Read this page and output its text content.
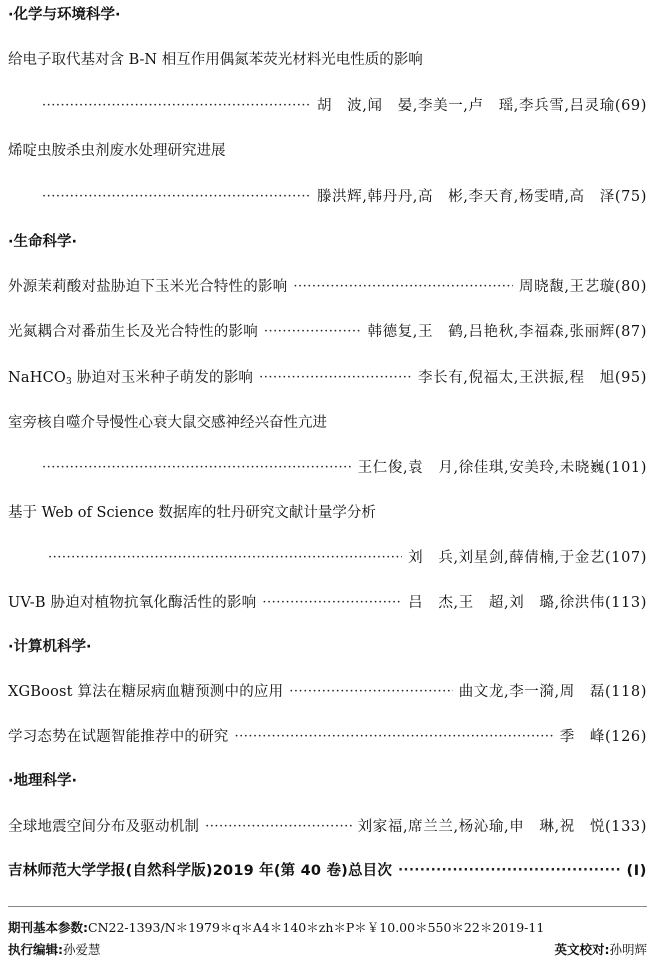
·化学与环境科学·
给电子取代基对含 B-N 相互作用偶氮苯荧光材料光电性质的影响
·····
胡　波,闻　晏,李美一,卢　瑶,李兵雪,吕灵瑜(69)
烯啶虫胺杀虫剂废水处理研究进展
·····
滕洪辉,韩丹丹,高　彬,李天育,杨雯晴,高　泽(75)
·生命科学·
外源茉莉酸对盐胁迫下玉米光合特性的影响 ·····	周晓馥,王艺璇(80)
光氮耦合对番茄生长及光合特性的影响 ·····	韩德复,王　鹤,吕艳秋,李福森,张丽辉(87)
NaHCO$_3$ 胁迫对玉米种子萌发的影响 ·····	李长有,倪福太,王洪振,程　旭(95)
室旁核自噬介导慢性心衰大鼠交感神经兴奋性亢进
·····
王仁俊,袁　月,徐佳琪,安美玲,未晓巍(101)
基于 Web of Science 数据库的牡丹研究文献计量学分析
·····
刘　兵,刘星剑,薛倩楠,于金艺(107)
UV-B 胁迫对植物抗氧化酶活性的影响 ·····	吕　杰,王　超,刘　璐,徐洪伟(113)
·计算机科学·
XGBoost 算法在糖尿病血糖预测中的应用 ·····	曲文龙,李一漪,周　磊(118)
学习态势在试题智能推荐中的研究 ·····	季　峰(126)
·地理科学·
全球地震空间分布及驱动机制 ·····	刘家福,席兰兰,杨沁瑜,申　琳,祝　悦(133)
吉林师范大学学报(自然科学版)2019 年(第 40 卷)总目次 ·····	(Ⅰ)
期刊基本参数:CN22-1393/N＊1979＊q＊A4＊140＊zh＊P＊￥10.00＊550＊22＊2019-11
执行编辑:孙爱慧	英文校对:孙明辉
